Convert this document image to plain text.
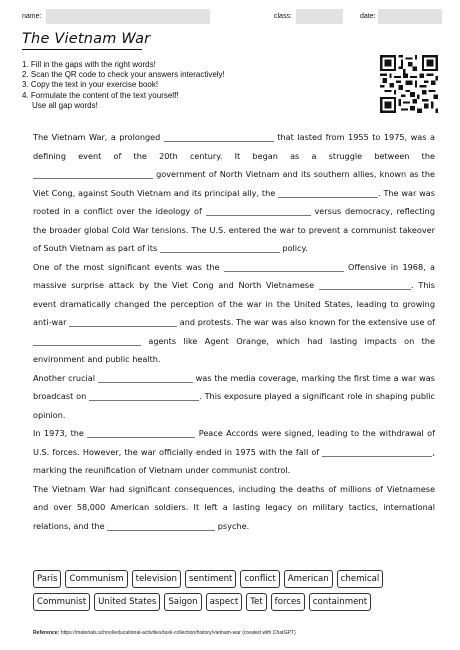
name:	class:	date:
The Vietnam War
1. Fill in the gaps with the right words!
2. Scan the QR code to check your answers interactively!
3. Copy the text in your exercise book!
4. Formulate the content of the text yourself!
Use all gap words!

The Vietnam War, a prolonged	that lasted from 1955 to 1975, was a defining event of the 20th century. It began as a struggle between the  government of North Vietnam and its southern allies, known as the Viet Cong, against South Vietnam and its principal ally, the	. The war was rooted in a conflict over the ideology of	versus democracy, reflecting the broader global Cold War tensions. The U.S. entered the war to prevent a communist takeover of South Vietnam as part of its	policy.

One of the most significant events was the	Offensive in 1968, a massive surprise attack by the Viet Cong and North Vietnamese	. This event dramatically changed the perception of the war in the United States, leading to growing anti-war	and protests. The war was also known for the extensive use of  agents like Agent Orange, which had lasting impacts on the environment and public health.

Another crucial	was the media coverage, marking the first time a war was broadcast on	. This exposure played a significant role in shaping public opinion.

In 1973, the	Peace Accords were signed, leading to the withdrawal of U.S. forces. However, the war officially ended in 1975 with the fall of	, marking the reunification of Vietnam under communist control.

The Vietnam War had significant consequences, including the deaths of millions of Vietnamese and over 58,000 American soldiers. It left a lasting legacy on military tactics, international relations, and the	psyche.

Paris	Communism	television	sentiment	conflict	American	chemical
Communist	United States	Saigon	aspect	Tet	forces	containment
Reference: https://materials.school/educational-activities/task-collection/history/vietnam-war (created with ChatGPT)
